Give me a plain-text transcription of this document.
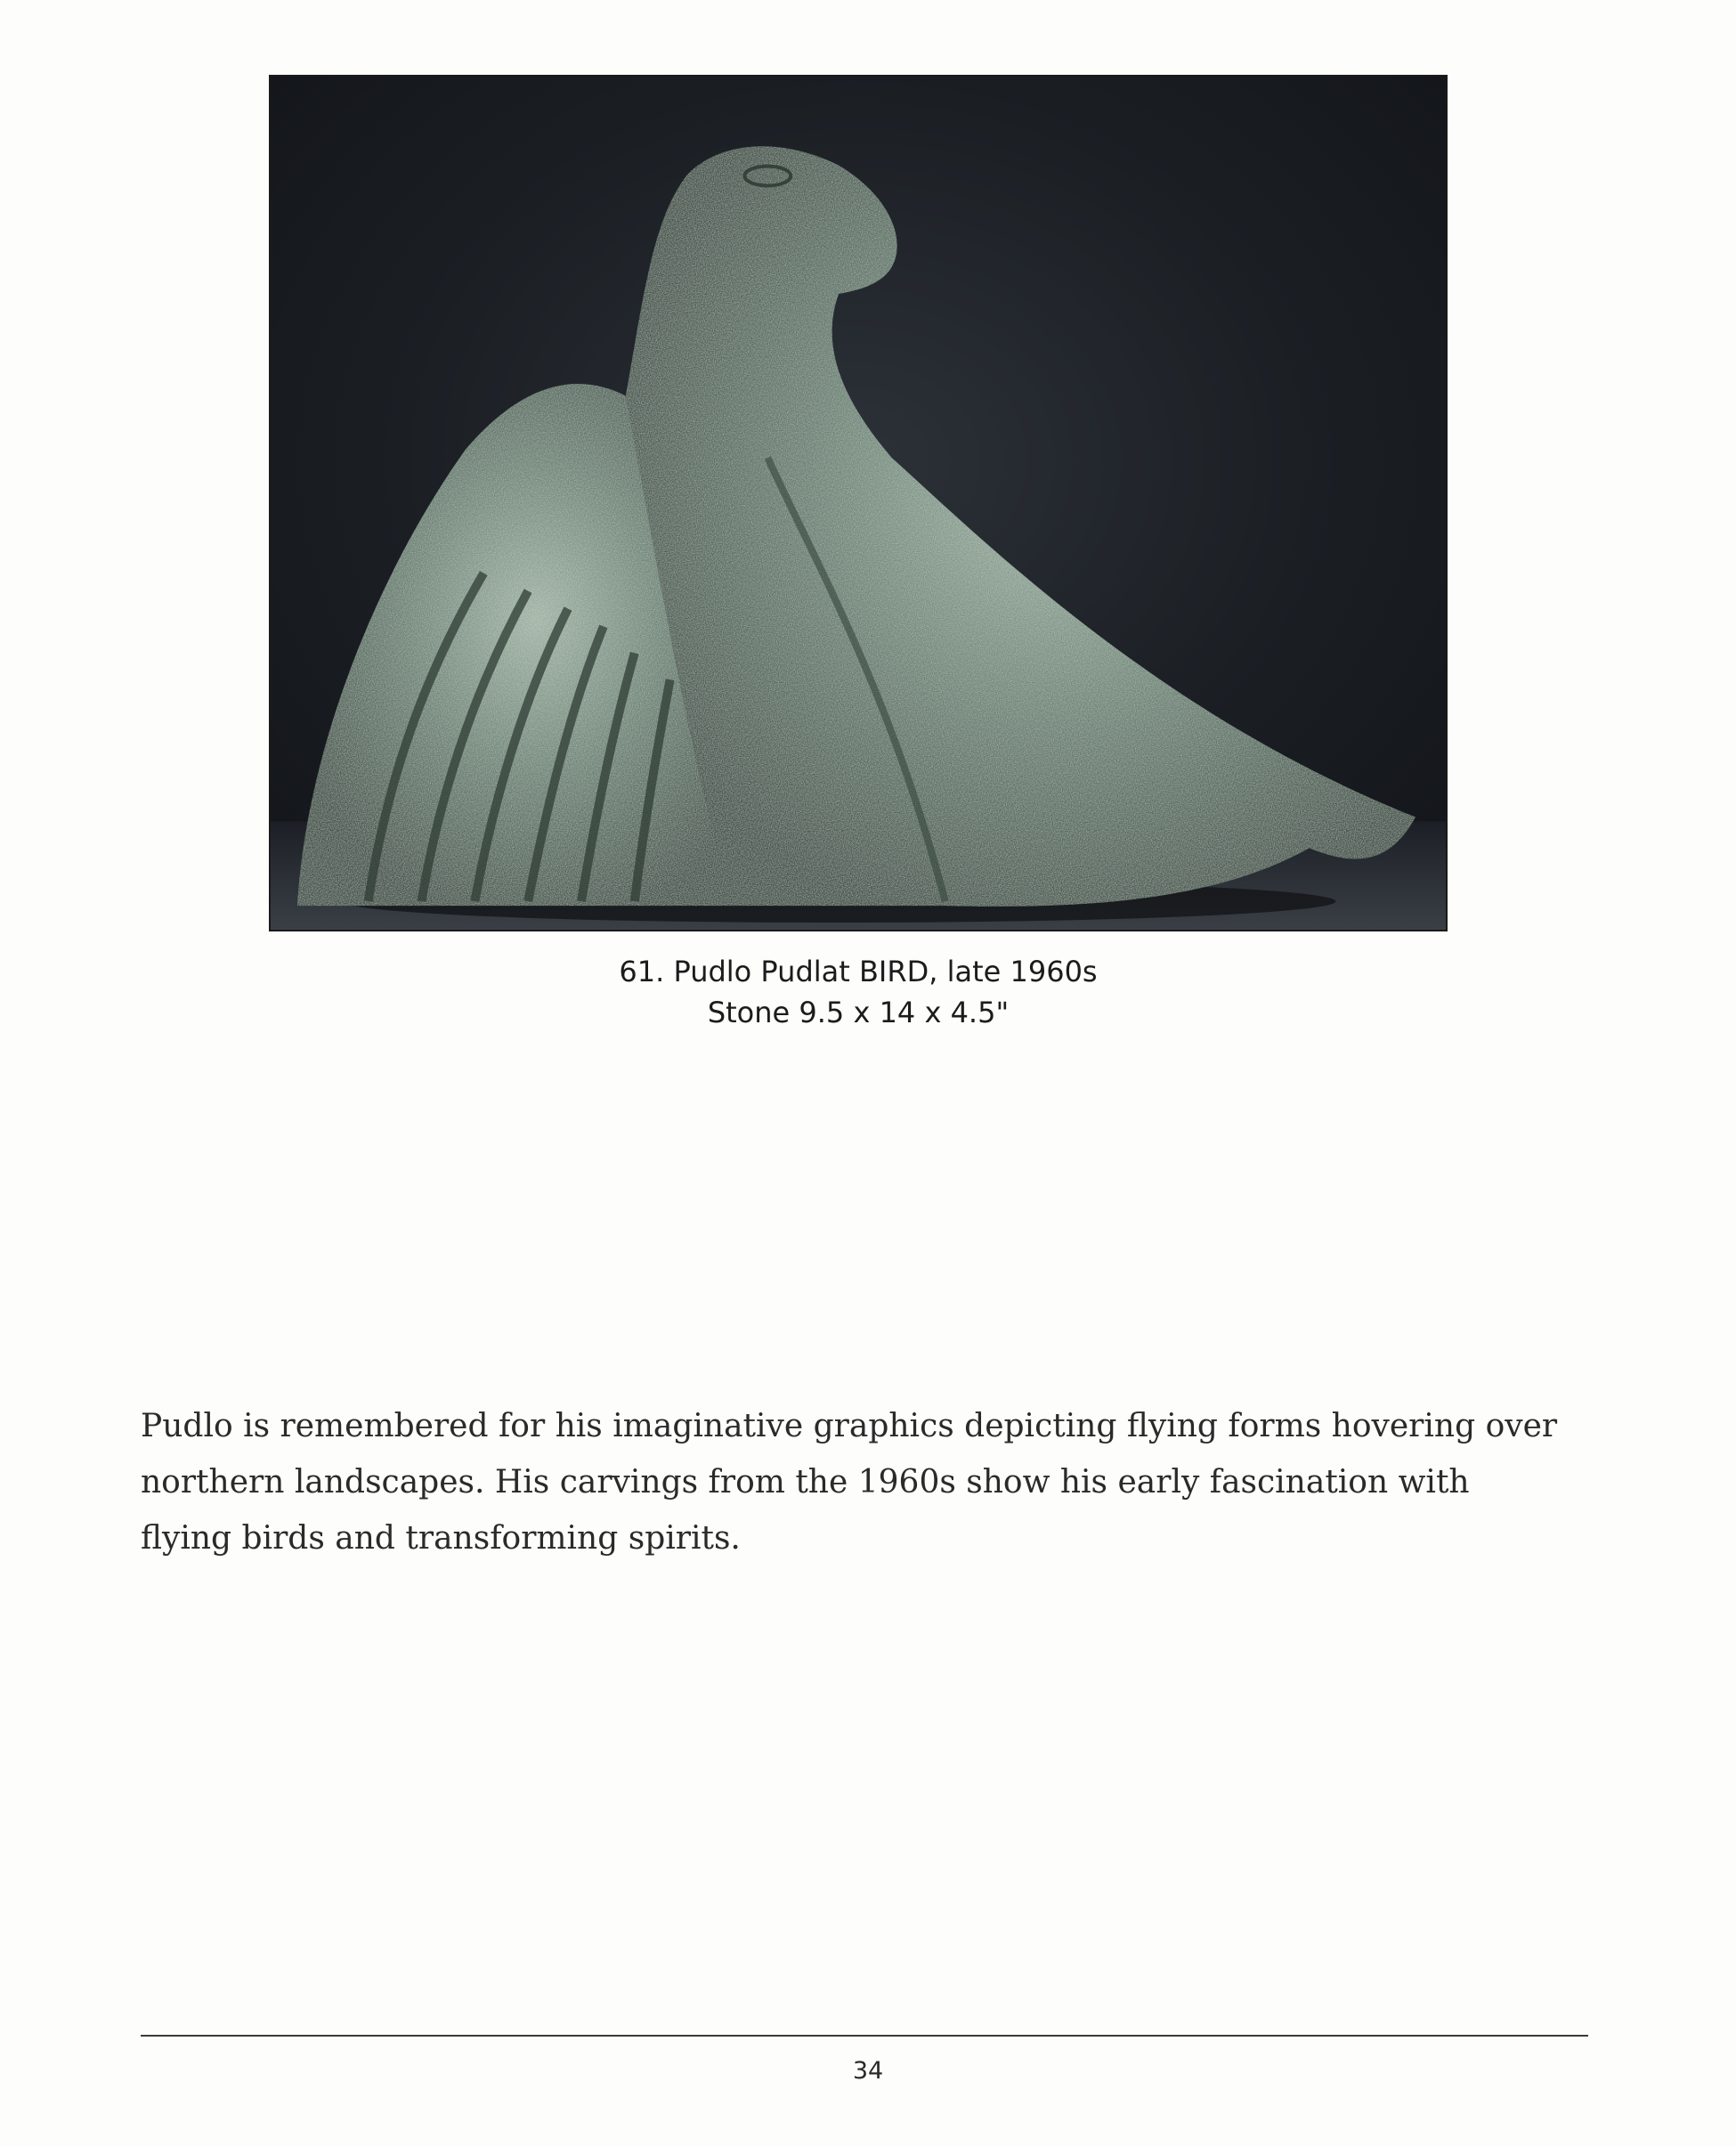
61. Pudlo Pudlat BIRD, late 1960s
Stone 9.5 x 14 x 4.5"

Pudlo is remembered for his imaginative graphics depicting flying forms hovering over northern landscapes. His carvings from the 1960s show his early fascination with flying birds and transforming spirits.

34
